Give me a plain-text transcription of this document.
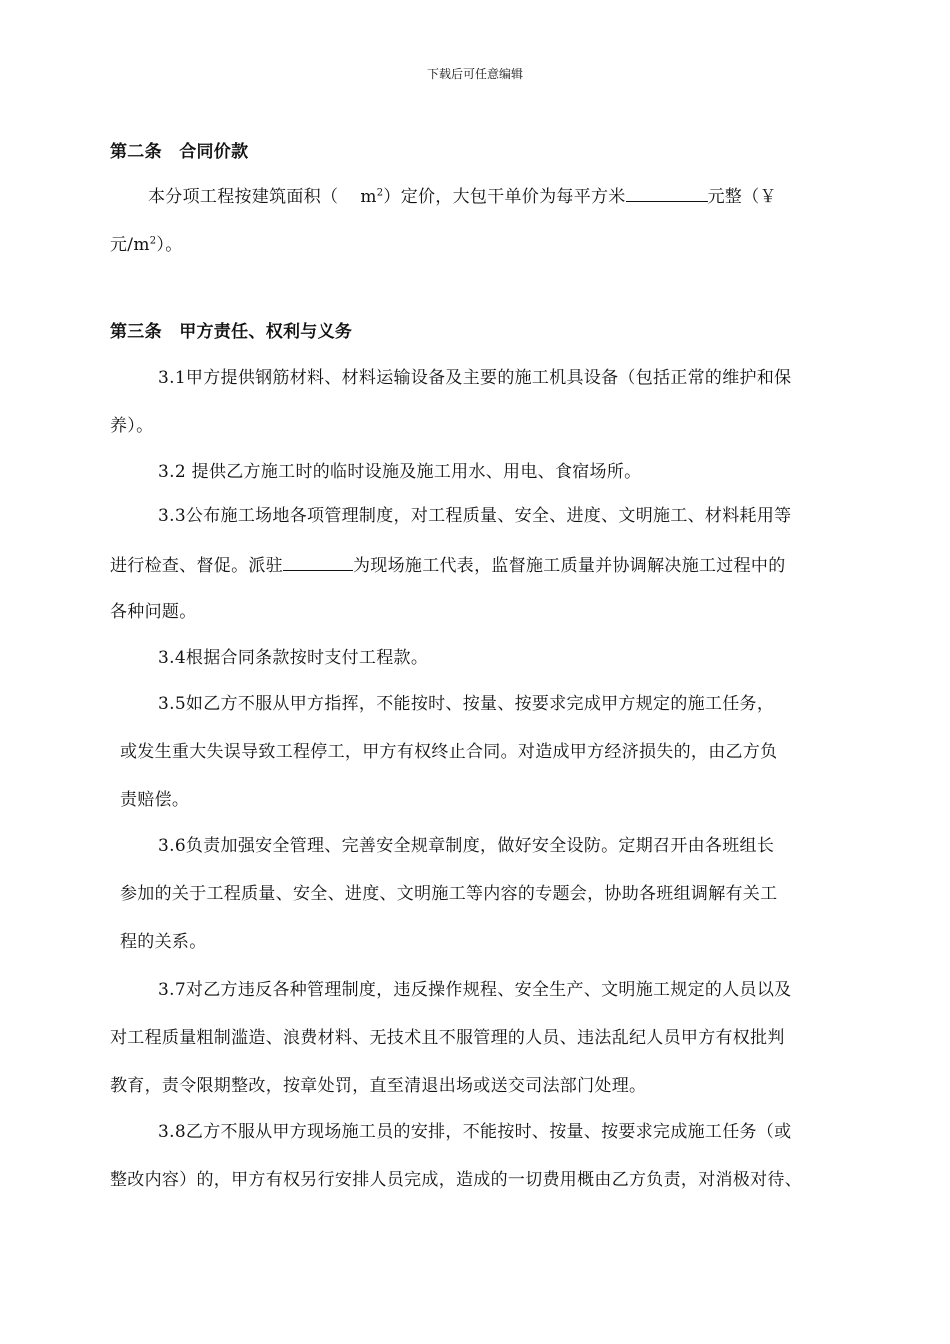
下载后可任意编辑
第二条　合同价款
本分项工程按建筑面积（ $m^2$）定价，大包干单价为每平方米	元整（￥
元$/m^2$）。
第三条　甲方责任、权利与义务
3.1甲方提供钢筋材料、材料运输设备及主要的施工机具设备（包括正常的维护和保
养）。
3.2 提供乙方施工时的临时设施及施工用水、用电、食宿场所。
3.3公布施工场地各项管理制度，对工程质量、安全、进度、文明施工、材料耗用等
进行检查、督促。派驻	为现场施工代表，监督施工质量并协调解决施工过程中的
各种问题。
3.4根据合同条款按时支付工程款。
3.5如乙方不服从甲方指挥，不能按时、按量、按要求完成甲方规定的施工任务，
或发生重大失误导致工程停工，甲方有权终止合同。对造成甲方经济损失的，由乙方负
责赔偿。
3.6负责加强安全管理、完善安全规章制度，做好安全设防。定期召开由各班组长
参加的关于工程质量、安全、进度、文明施工等内容的专题会，协助各班组调解有关工
程的关系。
3.7对乙方违反各种管理制度，违反操作规程、安全生产、文明施工规定的人员以及
对工程质量粗制滥造、浪费材料、无技术且不服管理的人员、违法乱纪人员甲方有权批判
教育，责令限期整改，按章处罚，直至清退出场或送交司法部门处理。
3.8乙方不服从甲方现场施工员的安排，不能按时、按量、按要求完成施工任务（或
整改内容）的，甲方有权另行安排人员完成，造成的一切费用概由乙方负责，对消极对待、
